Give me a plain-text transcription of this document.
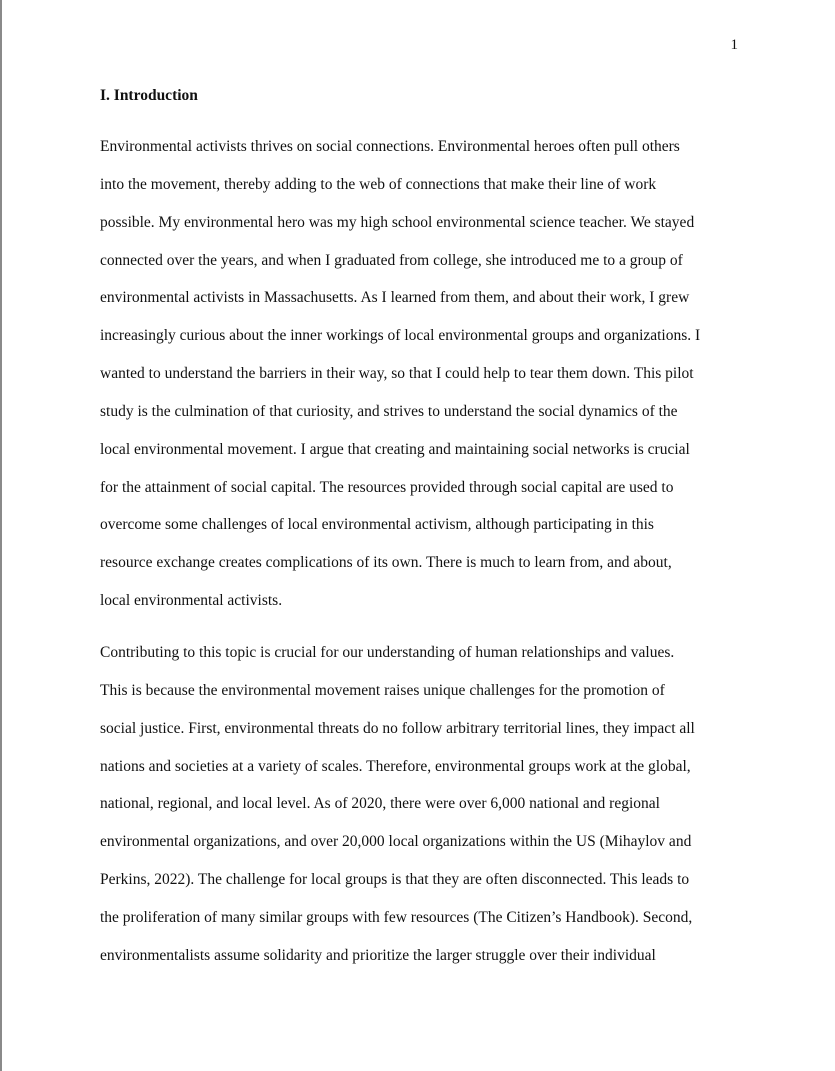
1
I. Introduction
Environmental activists thrives on social connections. Environmental heroes often pull others
into the movement, thereby adding to the web of connections that make their line of work
possible. My environmental hero was my high school environmental science teacher. We stayed
connected over the years, and when I graduated from college, she introduced me to a group of
environmental activists in Massachusetts. As I learned from them, and about their work, I grew
increasingly curious about the inner workings of local environmental groups and organizations. I
wanted to understand the barriers in their way, so that I could help to tear them down. This pilot
study is the culmination of that curiosity, and strives to understand the social dynamics of the
local environmental movement. I argue that creating and maintaining social networks is crucial
for the attainment of social capital. The resources provided through social capital are used to
overcome some challenges of local environmental activism, although participating in this
resource exchange creates complications of its own. There is much to learn from, and about,
local environmental activists.
Contributing to this topic is crucial for our understanding of human relationships and values.
This is because the environmental movement raises unique challenges for the promotion of
social justice. First, environmental threats do no follow arbitrary territorial lines, they impact all
nations and societies at a variety of scales. Therefore, environmental groups work at the global,
national, regional, and local level. As of 2020, there were over 6,000 national and regional
environmental organizations, and over 20,000 local organizations within the US (Mihaylov and
Perkins, 2022). The challenge for local groups is that they are often disconnected. This leads to
the proliferation of many similar groups with few resources (The Citizen’s Handbook). Second,
environmentalists assume solidarity and prioritize the larger struggle over their individual
